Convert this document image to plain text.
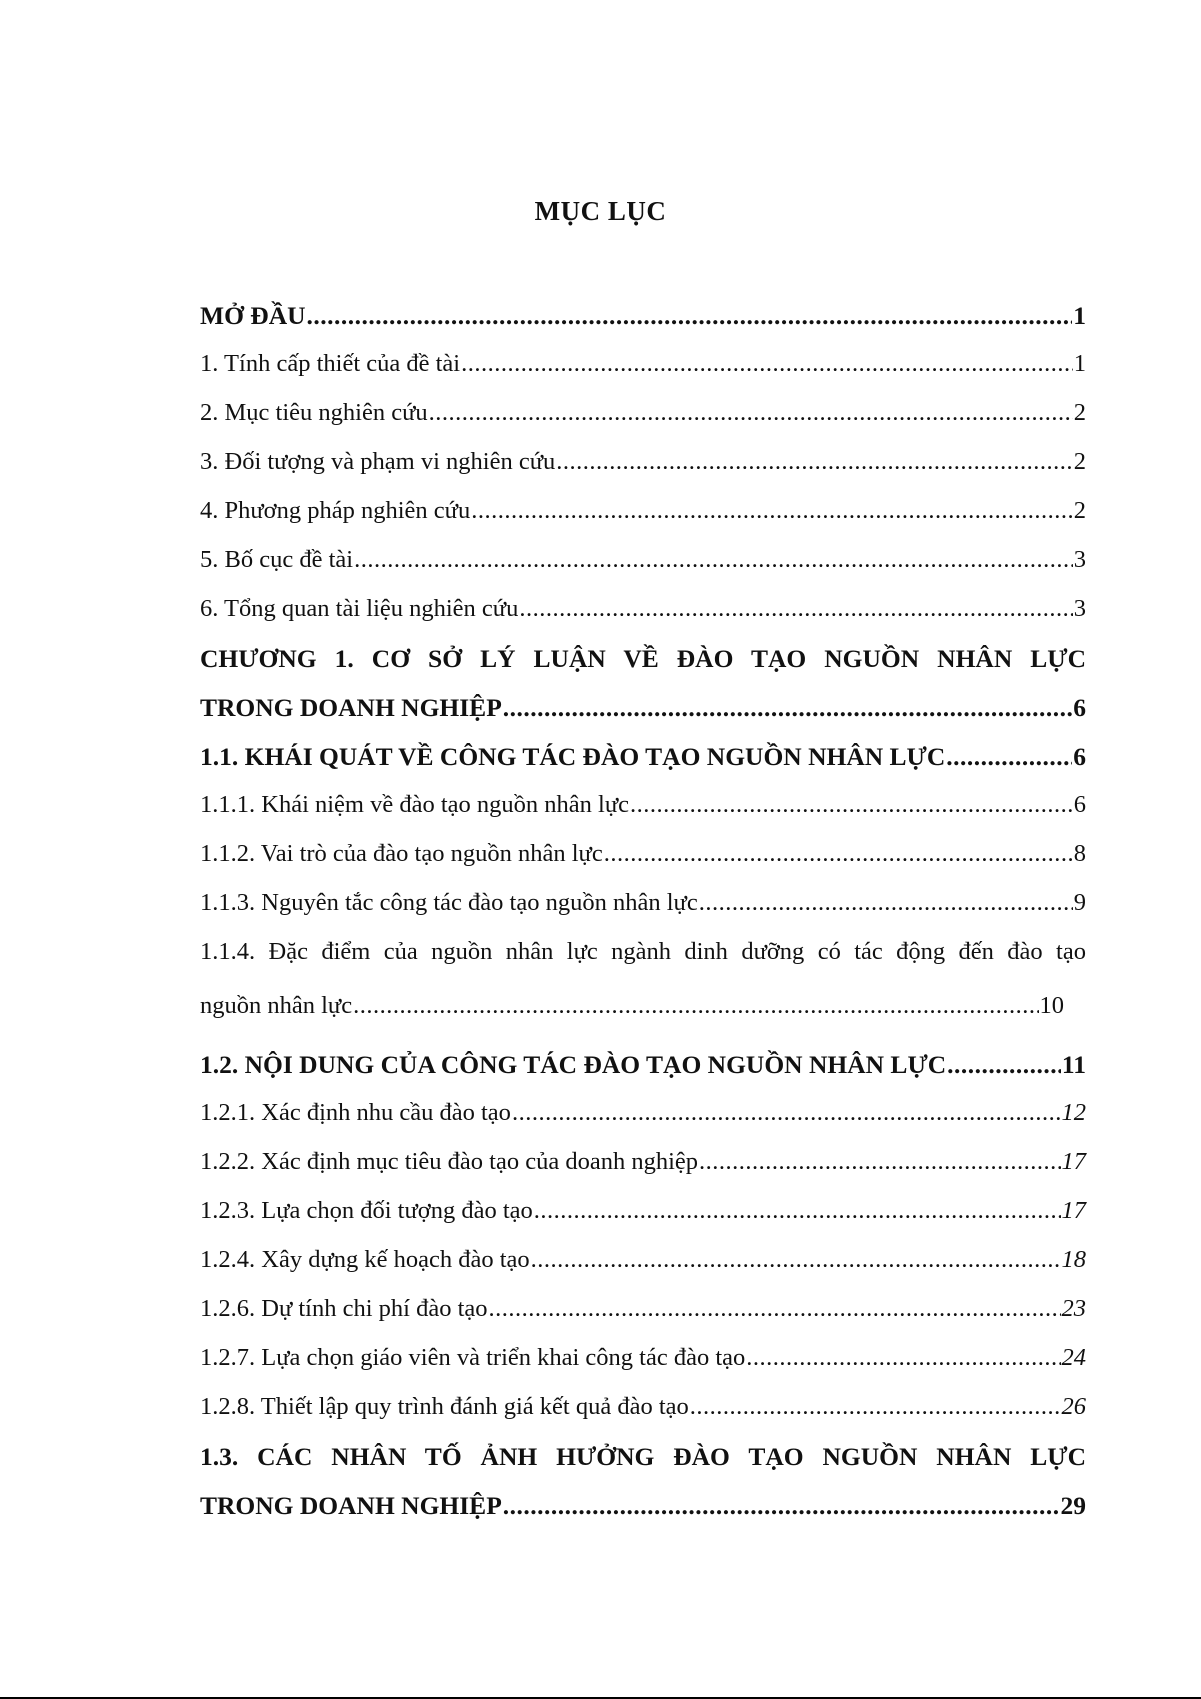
MỤC LỤC
MỞ ĐẦU .....	1
1. Tính cấp thiết của đề tài .....	1
2. Mục tiêu nghiên cứu .....	2
3. Đối tượng và phạm vi nghiên cứu .....	2
4. Phương pháp nghiên cứu .....	2
5. Bố cục đề tài .....	3
6. Tổng quan tài liệu nghiên cứu .....	3
CHƯƠNG 1. CƠ SỞ LÝ LUẬN VỀ ĐÀO TẠO NGUỒN NHÂN LỰC
TRONG DOANH NGHIỆP .....	6
1.1. KHÁI QUÁT VỀ CÔNG TÁC ĐÀO TẠO NGUỒN NHÂN LỰC .....	6
1.1.1. Khái niệm về đào tạo nguồn nhân lực .....	6
1.1.2. Vai trò của đào tạo nguồn nhân lực .....	8
1.1.3. Nguyên tắc công tác đào tạo nguồn nhân lực .....	9
1.1.4. Đặc điểm của nguồn nhân lực ngành dinh dưỡng có tác động đến đào tạo
nguồn nhân lực .....	10
1.2. NỘI DUNG CỦA CÔNG TÁC ĐÀO TẠO NGUỒN NHÂN LỰC .....	11
1.2.1. Xác định nhu cầu đào tạo .....	12
1.2.2. Xác định mục tiêu đào tạo của doanh nghiệp .....	17
1.2.3. Lựa chọn đối tượng đào tạo .....	17
1.2.4. Xây dựng kế hoạch đào tạo .....	18
1.2.6. Dự tính chi phí đào tạo .....	23
1.2.7. Lựa chọn giáo viên và triển khai công tác đào tạo .....	24
1.2.8. Thiết lập quy trình đánh giá kết quả đào tạo .....	26
1.3. CÁC NHÂN TỐ ẢNH HƯỞNG ĐÀO TẠO NGUỒN NHÂN LỰC
TRONG DOANH NGHIỆP .....	29
